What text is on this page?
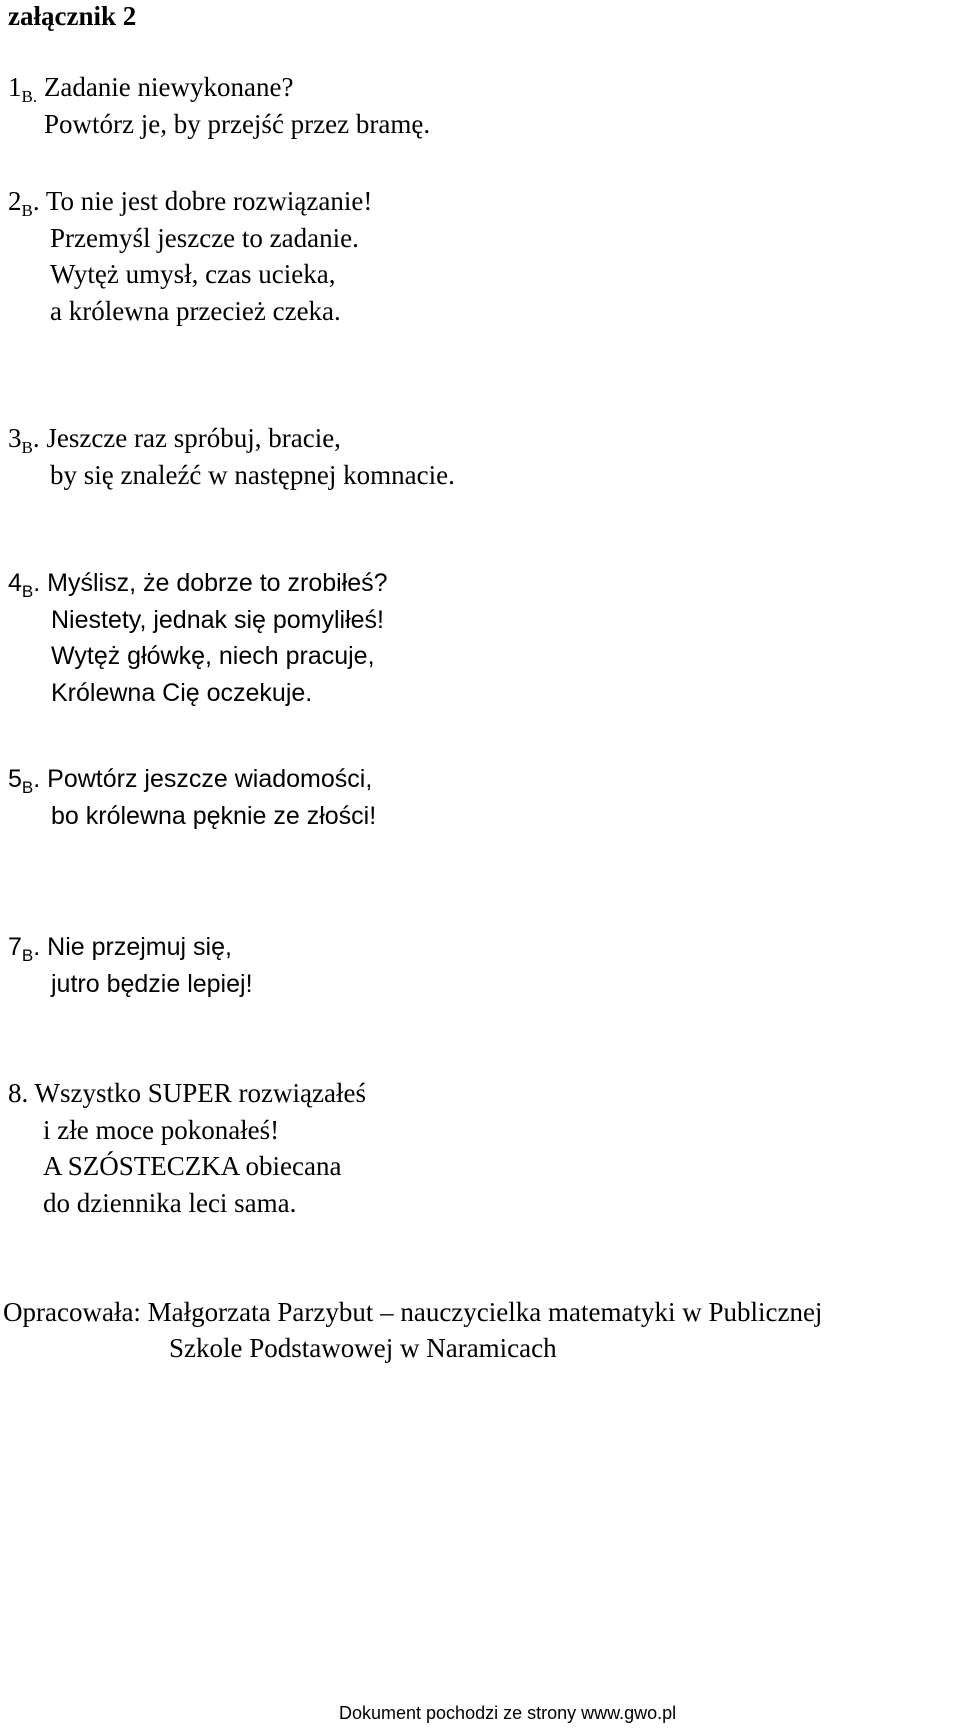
załącznik 2
$1_{B.}$ Zadanie niewykonane?
Powtórz je, by przejść przez bramę.
$2_B$. To nie jest dobre rozwiązanie!
Przemyśl jeszcze to zadanie.
Wytęż umysł, czas ucieka,
a królewna przecież czeka.
$3_B$. Jeszcze raz spróbuj, bracie,
by się znaleźć w następnej komnacie.
$4_B$. Myślisz, że dobrze to zrobiłeś?
Niestety, jednak się pomyliłeś!
Wytęż główkę, niech pracuje,
Królewna Cię oczekuje.
$5_B$. Powtórz jeszcze wiadomości,
bo królewna pęknie ze złości!
$7_B$. Nie przejmuj się,
jutro będzie lepiej!
8. Wszystko SUPER rozwiązałeś
i złe moce pokonałeś!
A SZÓSTECZKA obiecana
do dziennika leci sama.
Opracowała: Małgorzata Parzybut – nauczycielka matematyki w Publicznej
Szkole Podstawowej w Naramicach
Dokument pochodzi ze strony www.gwo.pl
